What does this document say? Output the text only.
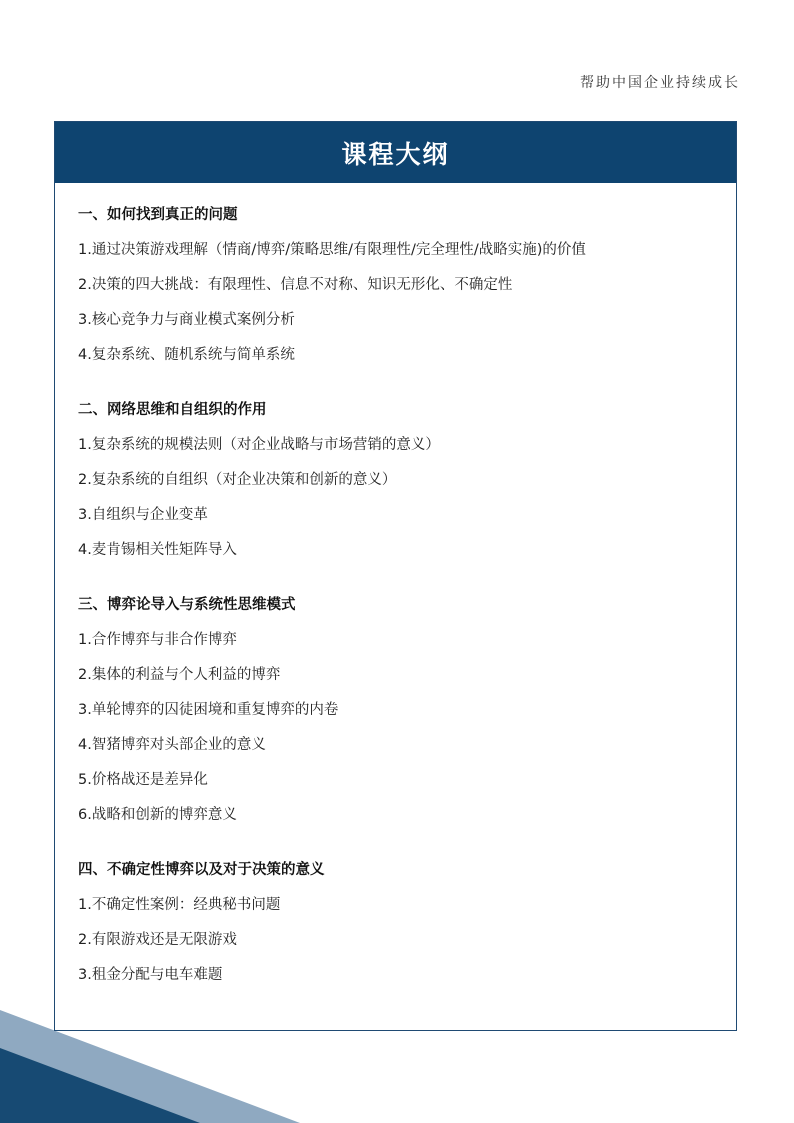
帮助中国企业持续成长
课程大纲
一、如何找到真正的问题
1.通过决策游戏理解（情商/博弈/策略思维/有限理性/完全理性/战略实施)的价值
2.决策的四大挑战：有限理性、信息不对称、知识无形化、不确定性
3.核心竞争力与商业模式案例分析
4.复杂系统、随机系统与简单系统
二、网络思维和自组织的作用
1.复杂系统的规模法则（对企业战略与市场营销的意义）
2.复杂系统的自组织（对企业决策和创新的意义）
3.自组织与企业变革
4.麦肯锡相关性矩阵导入
三、博弈论导入与系统性思维模式
1.合作博弈与非合作博弈
2.集体的利益与个人利益的博弈
3.单轮博弈的囚徒困境和重复博弈的内卷
4.智猪博弈对头部企业的意义
5.价格战还是差异化
6.战略和创新的博弈意义
四、不确定性博弈以及对于决策的意义
1.不确定性案例：经典秘书问题
2.有限游戏还是无限游戏
3.租金分配与电车难题
